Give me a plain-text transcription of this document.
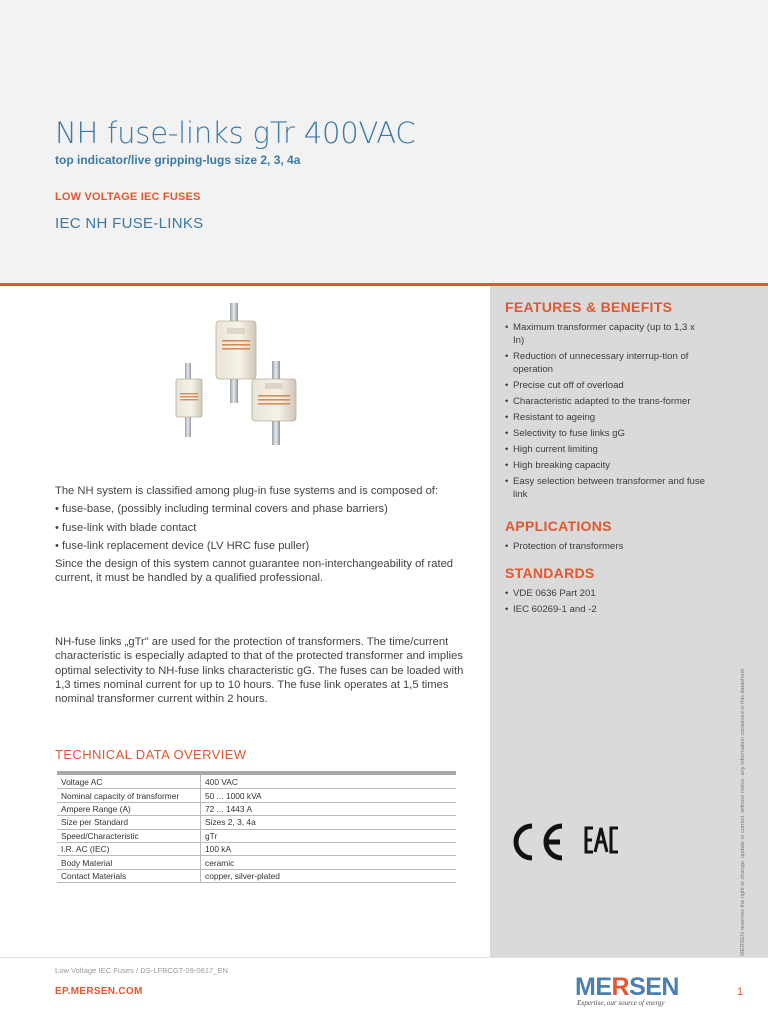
NH fuse-links gTr 400VAC
top indicator/live gripping-lugs size 2, 3, 4a
LOW VOLTAGE IEC FUSES
IEC NH FUSE-LINKS

The NH system is classified among plug-in fuse systems and is composed of:

• fuse-base, (possibly including terminal covers and phase barriers)
• fuse-link with blade contact
• fuse-link replacement device (LV HRC fuse puller)

Since the design of this system cannot guarantee non-interchangeability of rated current, it must be handled by a qualified professional.

NH-fuse links „gTr" are used for the protection of transformers. The time/current characteristic is especially adapted to that of the protected transformer and implies optimal selectivity to NH-fuse links characteristic gG. The fuses can be loaded with 1,3 times nominal current for up to 10 hours. The fuse link operates at 1,5 times nominal transformer current within 2 hours.

TECHNICAL DATA OVERVIEW
Voltage AC	400 VAC
Nominal capacity of transformer	50 ... 1000 kVA
Ampere Range (A)	72 ... 1443 A
Size per Standard	Sizes 2, 3, 4a
Speed/Characteristic	gTr
I.R. AC (IEC)	100 kA
Body Material	ceramic
Contact Materials	copper, silver-plated
FEATURES & BENEFITS
• Maximum transformer capacity (up to 1,3 x In)
• Reduction of unnecessary interrup-tion of operation
• Precise cut off of overload
• Characteristic adapted to the trans-former
• Resistant to ageing
• Selectivity to fuse links gG
• High current limiting
• High breaking capacity
• Easy selection between transformer and fuse link
APPLICATIONS
• Protection of transformers
STANDARDS
• VDE 0636 Part 201
• IEC 60269-1 and -2
MERSEN reserves the right to change, update or correct, without notice, any information contained in this datasheet.
Low Voltage IEC Fuses / DS-LFBCGT-09-0617_EN
EP.MERSEN.COM	MERSEN
Expertise, our source of energy
1
